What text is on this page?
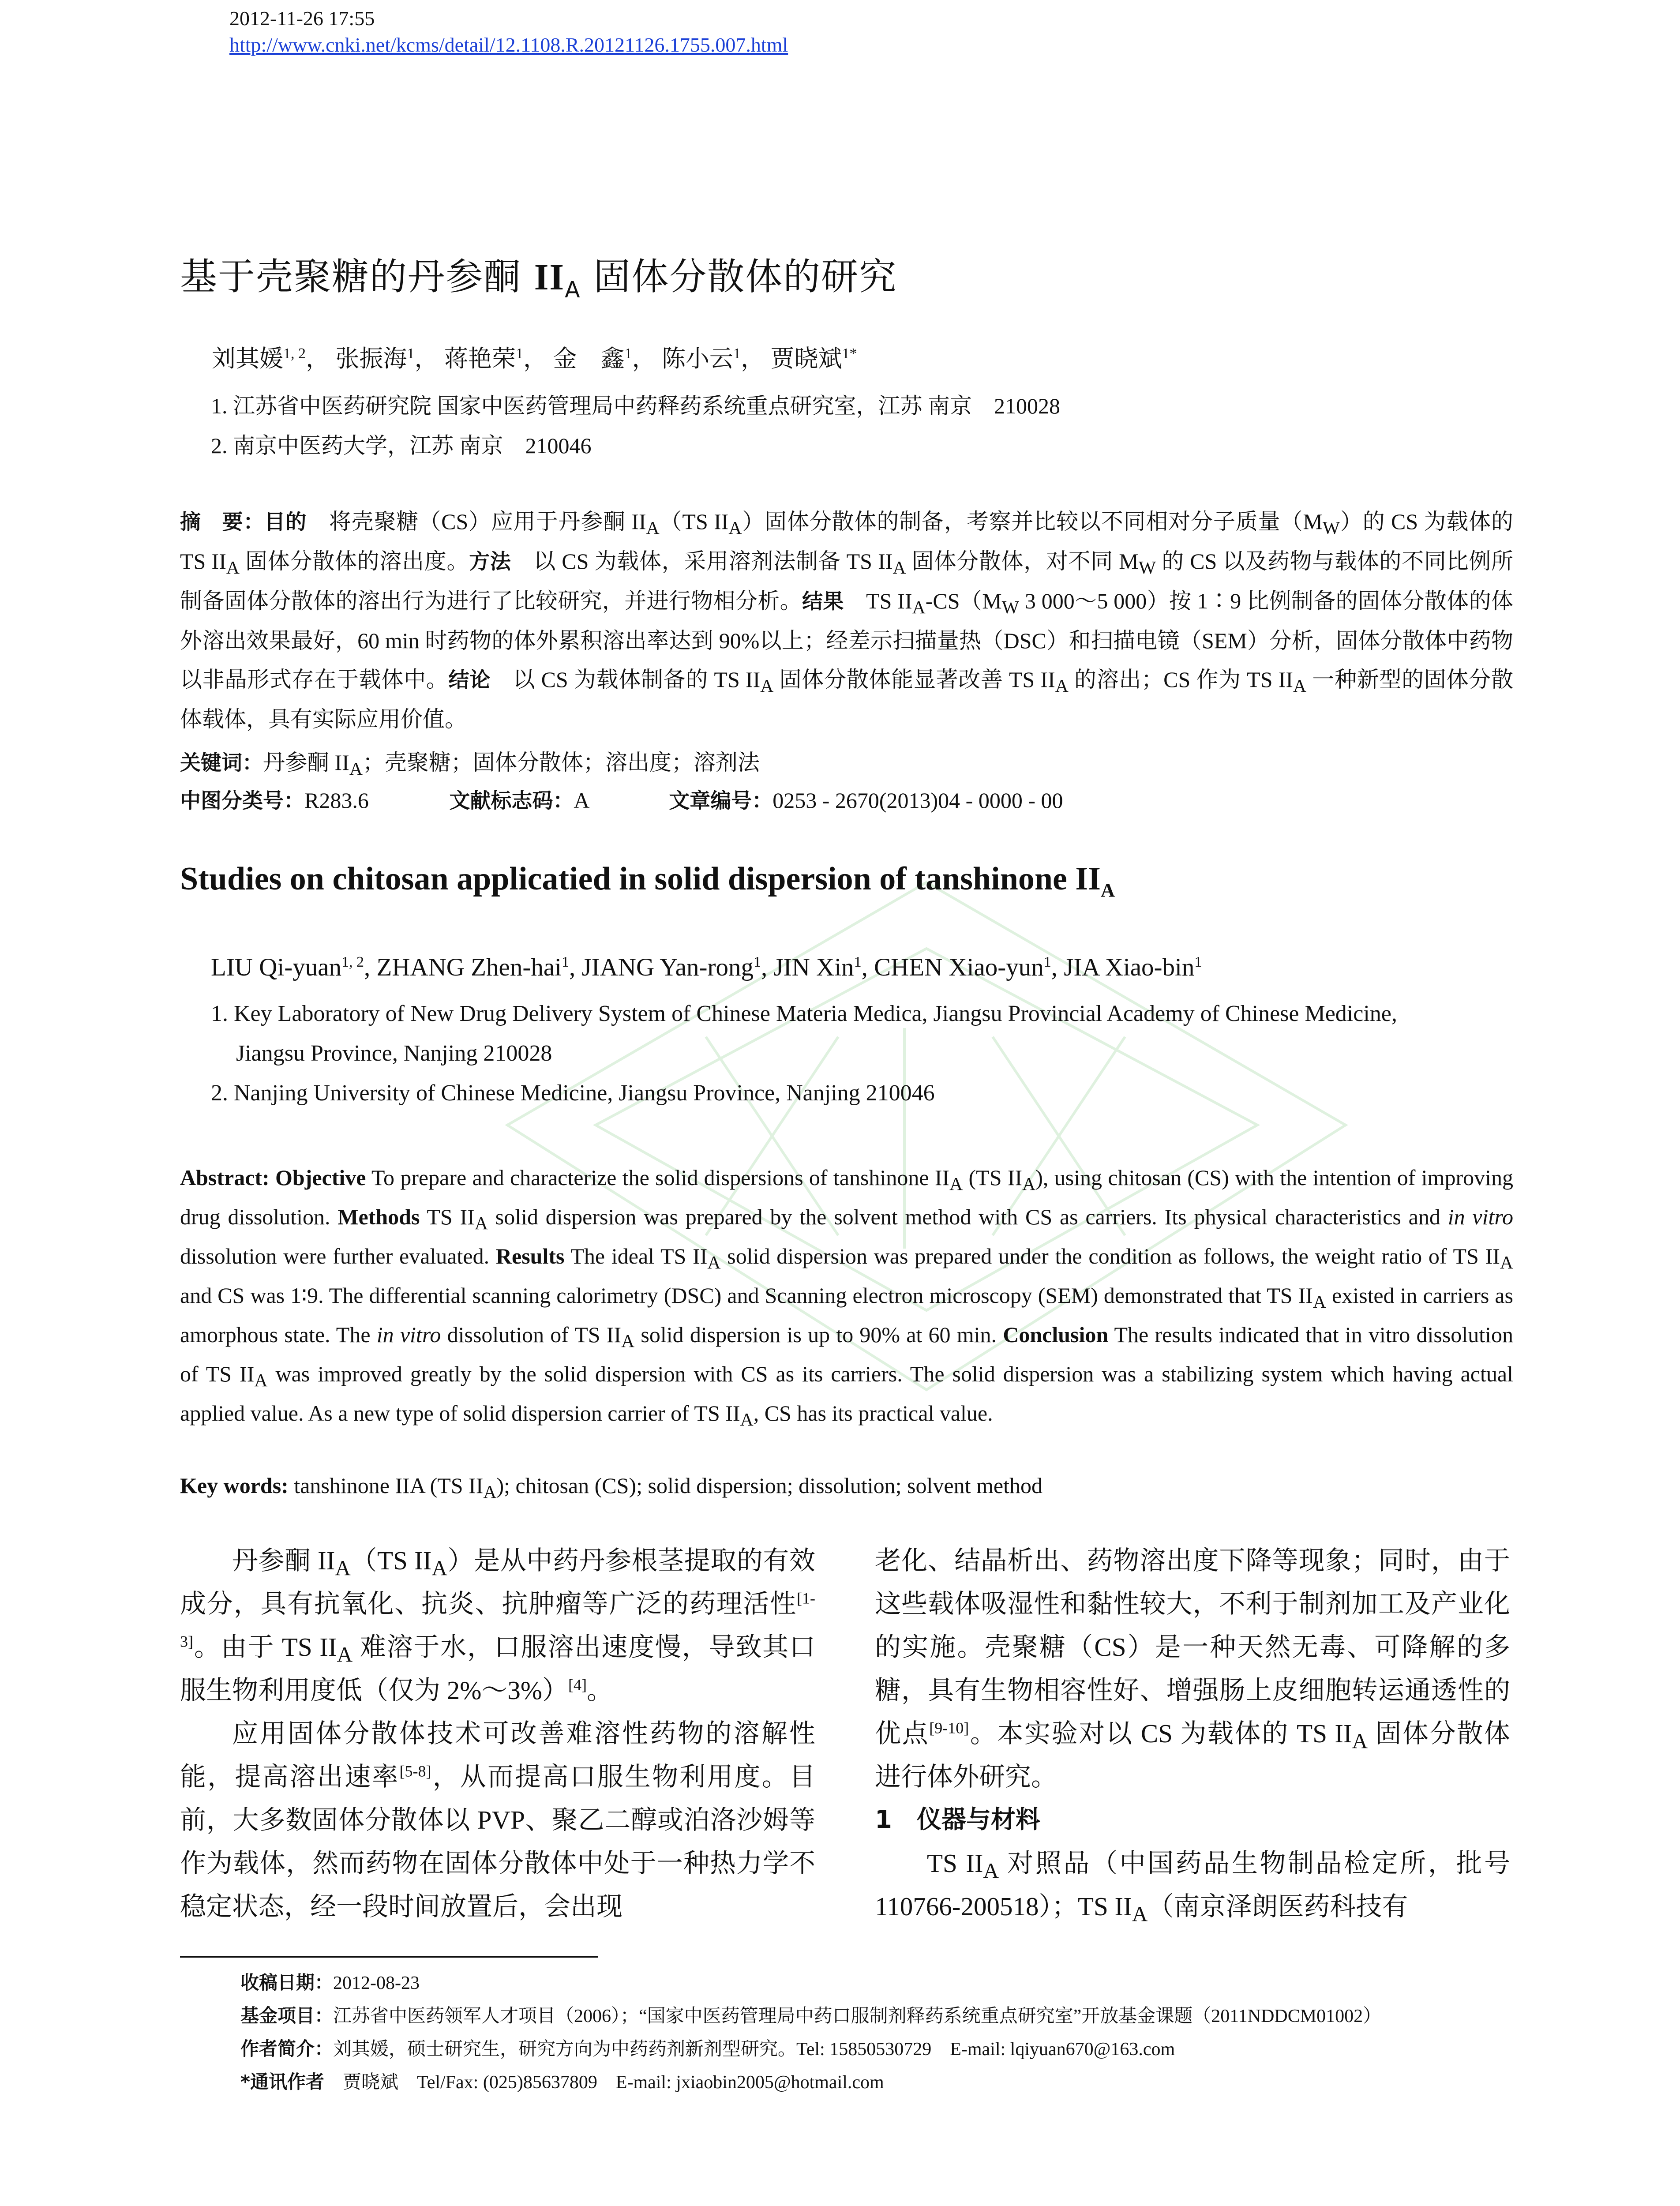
2012-11-26 17:55
http://www.cnki.net/kcms/detail/12.1108.R.20121126.1755.007.html
基于壳聚糖的丹参酮 $II_A$ 固体分散体的研究
刘其媛$^{1, 2}$， 张振海$^1$， 蒋艳荣$^1$， 金　鑫$^1$， 陈小云$^1$， 贾晓斌$^{1*}$
1. 江苏省中医药研究院 国家中医药管理局中药释药系统重点研究室，江苏 南京　210028
2. 南京中医药大学，江苏 南京　210046
摘　要：目的　将壳聚糖（CS）应用于丹参酮 $II_A(TS$ $II_A$）固体分散体的制备，考察并比较以不同相对分子质量$(M_W)$的 CS 为载体的 TS $II_A$ 固体分散体的溶出度。方法　以 CS 为载体，采用溶剂法制备 TS $II_A$ 固体分散体，对不同 $M_W$ 的 CS 以及药物与载体的不同比例所制备固体分散体的溶出行为进行了比较研究，并进行物相分析。结果　TS $II_A-CS(M_W$ 3 000～5 000）按 1∶9 比例制备的固体分散体的体外溶出效果最好，60 min 时药物的体外累积溶出率达到 90%以上；经差示扫描量热（DSC）和扫描电镜（SEM）分析，固体分散体中药物以非晶形式存在于载体中。结论　以 CS 为载体制备的 TS $II_A$ 固体分散体能显著改善 TS $II_A$ 的溶出；CS 作为 TS $II_A$ 一种新型的固体分散体载体，具有实际应用价值。
关键词：丹参酮 $II_A$；壳聚糖；固体分散体；溶出度；溶剂法
中图分类号：R283.6	文献标志码：A	文章编号：0253 - 2670(2013)04 - 0000 - 00
Studies on chitosan applicatied in solid dispersion of tanshinone $II_A$
LIU Qi-yuan$^{1, 2}$, ZHANG Zhen-hai$^1$, JIANG Yan-rong$^1$, JIN Xin$^1$, CHEN Xiao-yun$^1$, JIA Xiao-bin$^1$
1. Key Laboratory of New Drug Delivery System of Chinese Materia Medica, Jiangsu Provincial Academy of Chinese Medicine,
Jiangsu Province, Nanjing 210028
2. Nanjing University of Chinese Medicine, Jiangsu Province, Nanjing 210046
Abstract: Objective To prepare and characterize the solid dispersions of tanshinone $II_A$ (TS $II_A$), using chitosan (CS) with the intention of improving drug dissolution. Methods TS $II_A$ solid dispersion was prepared by the solvent method with CS as carriers. Its physical characteristics and in vitro dissolution were further evaluated. Results The ideal TS $II_A$ solid dispersion was prepared under the condition as follows, the weight ratio of TS $II_A$ and CS was 1∶9. The differential scanning calorimetry (DSC) and Scanning electron microscopy (SEM) demonstrated that TS $II_A$ existed in carriers as amorphous state. The in vitro dissolution of TS $II_A$ solid dispersion is up to 90% at 60 min. Conclusion The results indicated that in vitro dissolution of TS $II_A$ was improved greatly by the solid dispersion with CS as its carriers. The solid dispersion was a stabilizing system which having actual applied value. As a new type of solid dispersion carrier of TS $II_A$, CS has its practical value.
Key words: tanshinone IIA (TS $II_A$); chitosan (CS); solid dispersion; dissolution; solvent method

丹参酮 $II_A(TS$ $II_A$）是从中药丹参根茎提取的有效成分，具有抗氧化、抗炎、抗肿瘤等广泛的药理活性[1-3]。由于 TS $II_A$ 难溶于水，口服溶出速度慢，导致其口服生物利用度低（仅为 2%～3%）[4]。

应用固体分散体技术可改善难溶性药物的溶解性能，提高溶出速率[5-8]，从而提高口服生物利用度。目前，大多数固体分散体以 PVP、聚乙二醇或泊洛沙姆等作为载体，然而药物在固体分散体中处于一种热力学不稳定状态，经一段时间放置后，会出现

老化、结晶析出、药物溶出度下降等现象；同时，由于这些载体吸湿性和黏性较大，不利于制剂加工及产业化的实施。壳聚糖（CS）是一种天然无毒、可降解的多糖，具有生物相容性好、增强肠上皮细胞转运通透性的优点[9-10]。本实验对以 CS 为载体的 TS $II_A$ 固体分散体进行体外研究。

1　仪器与材料

TS $II_A$ 对照品（中国药品生物制品检定所，批号 110766-200518）；TS $II_A$（南京泽朗医药科技有

收稿日期：2012-08-23
基金项目：江苏省中医药领军人才项目（2006）；“国家中医药管理局中药口服制剂释药系统重点研究室”开放基金课题（2011NDDCM01002）
作者简介：刘其媛，硕士研究生，研究方向为中药药剂新剂型研究。Tel: 15850530729　E-mail: lqiyuan670@163.com
*通讯作者　贾晓斌　Tel/Fax: (025)85637809　E-mail: jxiaobin2005@hotmail.com
